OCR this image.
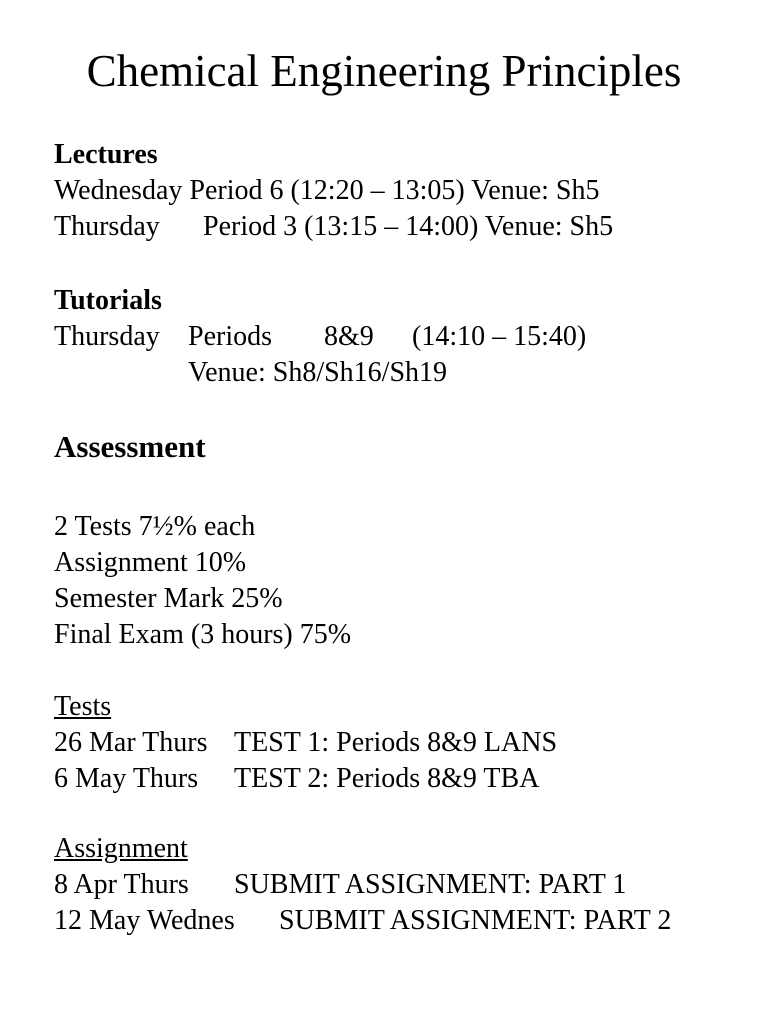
Chemical Engineering Principles
Lectures
Wednesday Period 6 (12:20 – 13:05) Venue: Sh5
Thursday Period 3 (13:15 – 14:00) Venue: Sh5
Tutorials
Thursday Periods 8&9 (14:10 – 15:40)
Venue: Sh8/Sh16/Sh19
Assessment
2 Tests 7½% each
Assignment 10%
Semester Mark 25%
Final Exam (3 hours) 75%
Tests
26 Mar Thurs TEST 1: Periods 8&9 LANS
6 May Thurs TEST 2: Periods 8&9 TBA
Assignment
8 Apr Thurs SUBMIT ASSIGNMENT: PART 1
12 May Wednes SUBMIT ASSIGNMENT: PART 2
